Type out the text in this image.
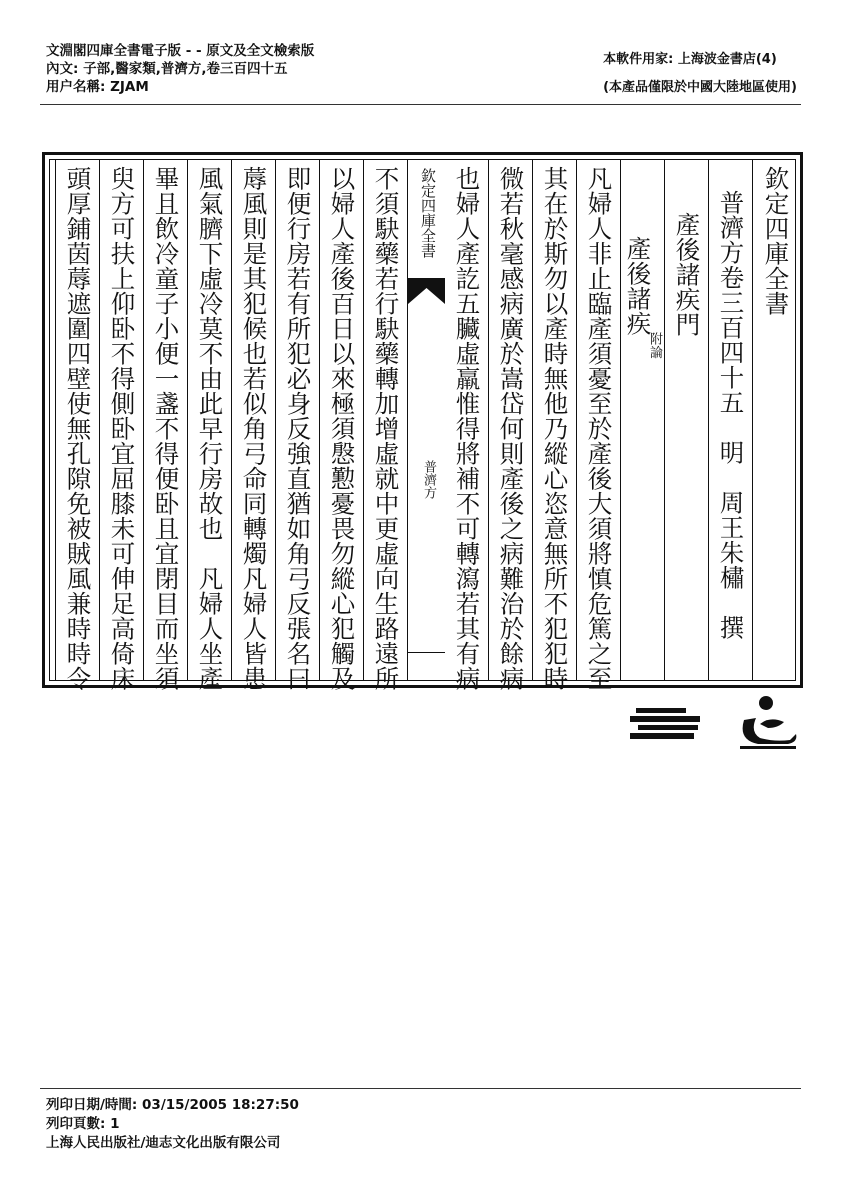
文淵閣四庫全書電子版 - - 原文及全文檢索版
內文: 子部,醫家類,普濟方,卷三百四十五
用户名稱: ZJAM
本軟件用家: 上海波金書店(4)
(本產品僅限於中國大陸地區使用)
欽定四庫全書
普濟方卷三百四十五　明　周王朱橚　撰
產後諸疾門
產後諸疾
附論
凡婦人非止臨產須憂至於產後大須將慎危篤之至
其在於斯勿以產時無他乃縱心恣意無所不犯犯時
微若秋毫感病廣於嵩岱何則產後之病難治於餘病
也婦人產訖五臟虛羸惟得將補不可轉瀉若其有病
欽定四庫全書
普濟方
不須駃藥若行駃藥轉加增虛就中更虛向生路遠所
以婦人產後百日以來極須慇懃憂畏勿縱心犯觸及
即便行房若有所犯必身反強直猶如角弓反張名曰
蓐風則是其犯候也若似角弓命同轉燭凡婦人皆患
風氣臍下虛冷莫不由此早行房故也　凡婦人坐產
畢且飲冷童子小便一盞不得便卧且宜閉目而坐須
臾方可扶上仰卧不得側卧宜屈膝未可伸足高倚床
頭厚鋪茵蓐遮圍四壁使無孔隙免被賊風兼時時令
列印日期/時間: 03/15/2005 18:27:50
列印頁數: 1
上海人民出版社/迪志文化出版有限公司
